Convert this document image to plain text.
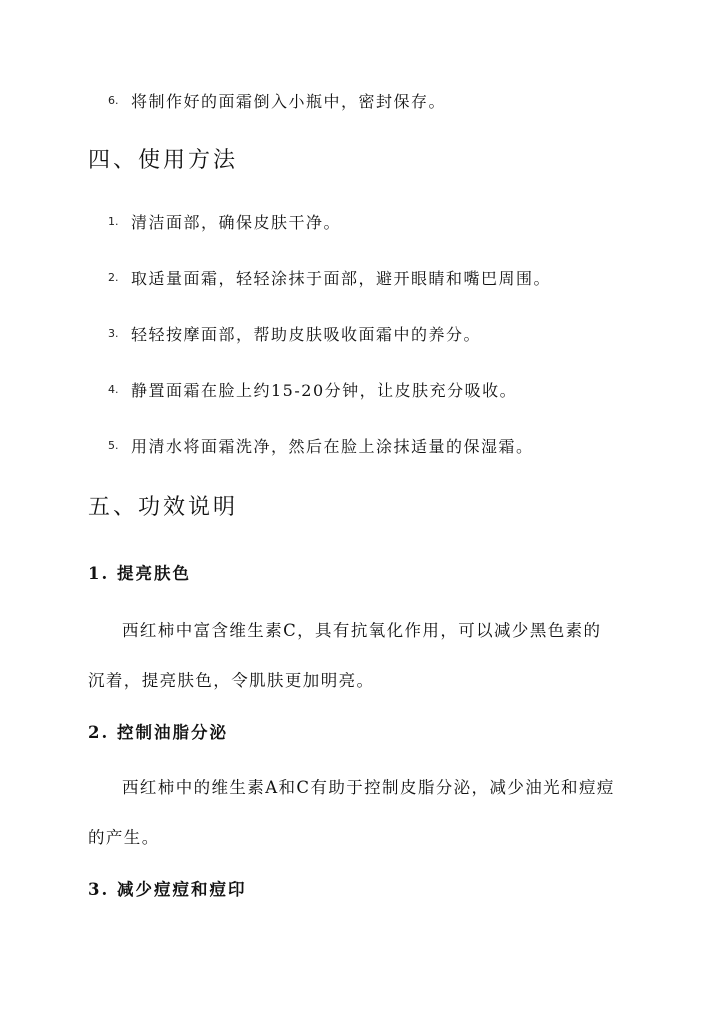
6. 将制作好的面霜倒入小瓶中，密封保存。
四、使用方法
1. 清洁面部，确保皮肤干净。
2. 取适量面霜，轻轻涂抹于面部，避开眼睛和嘴巴周围。
3. 轻轻按摩面部，帮助皮肤吸收面霜中的养分。
4. 静置面霜在脸上约15-20分钟，让皮肤充分吸收。
5. 用清水将面霜洗净，然后在脸上涂抹适量的保湿霜。
五、功效说明
1. 提亮肤色
西红柿中富含维生素C，具有抗氧化作用，可以减少黑色素的
沉着，提亮肤色，令肌肤更加明亮。
2. 控制油脂分泌
西红柿中的维生素A和C有助于控制皮脂分泌，减少油光和痘痘
的产生。
3. 减少痘痘和痘印
